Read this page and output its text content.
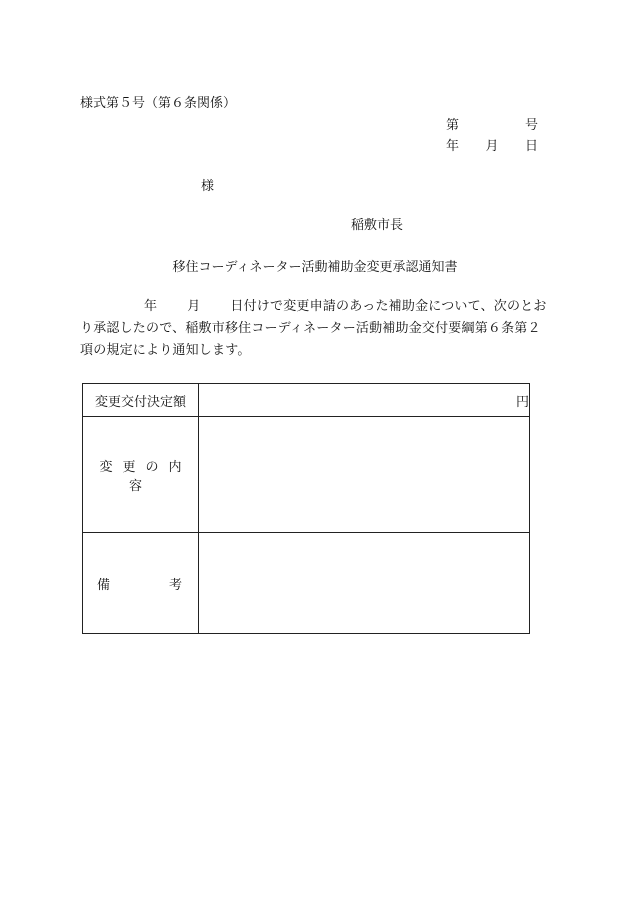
様式第５号（第６条関係）
第	号
年 月 日
様
稲敷市長
移住コーディネーター活動補助金変更承認通知書
年 月 日付けで変更申請のあった補助金について、次のとおり承認したので、稲敷市移住コーディネーター活動補助金交付要綱第６条第２項の規定により通知します。
変更交付決定額	円
変更の内容	

備 考	
